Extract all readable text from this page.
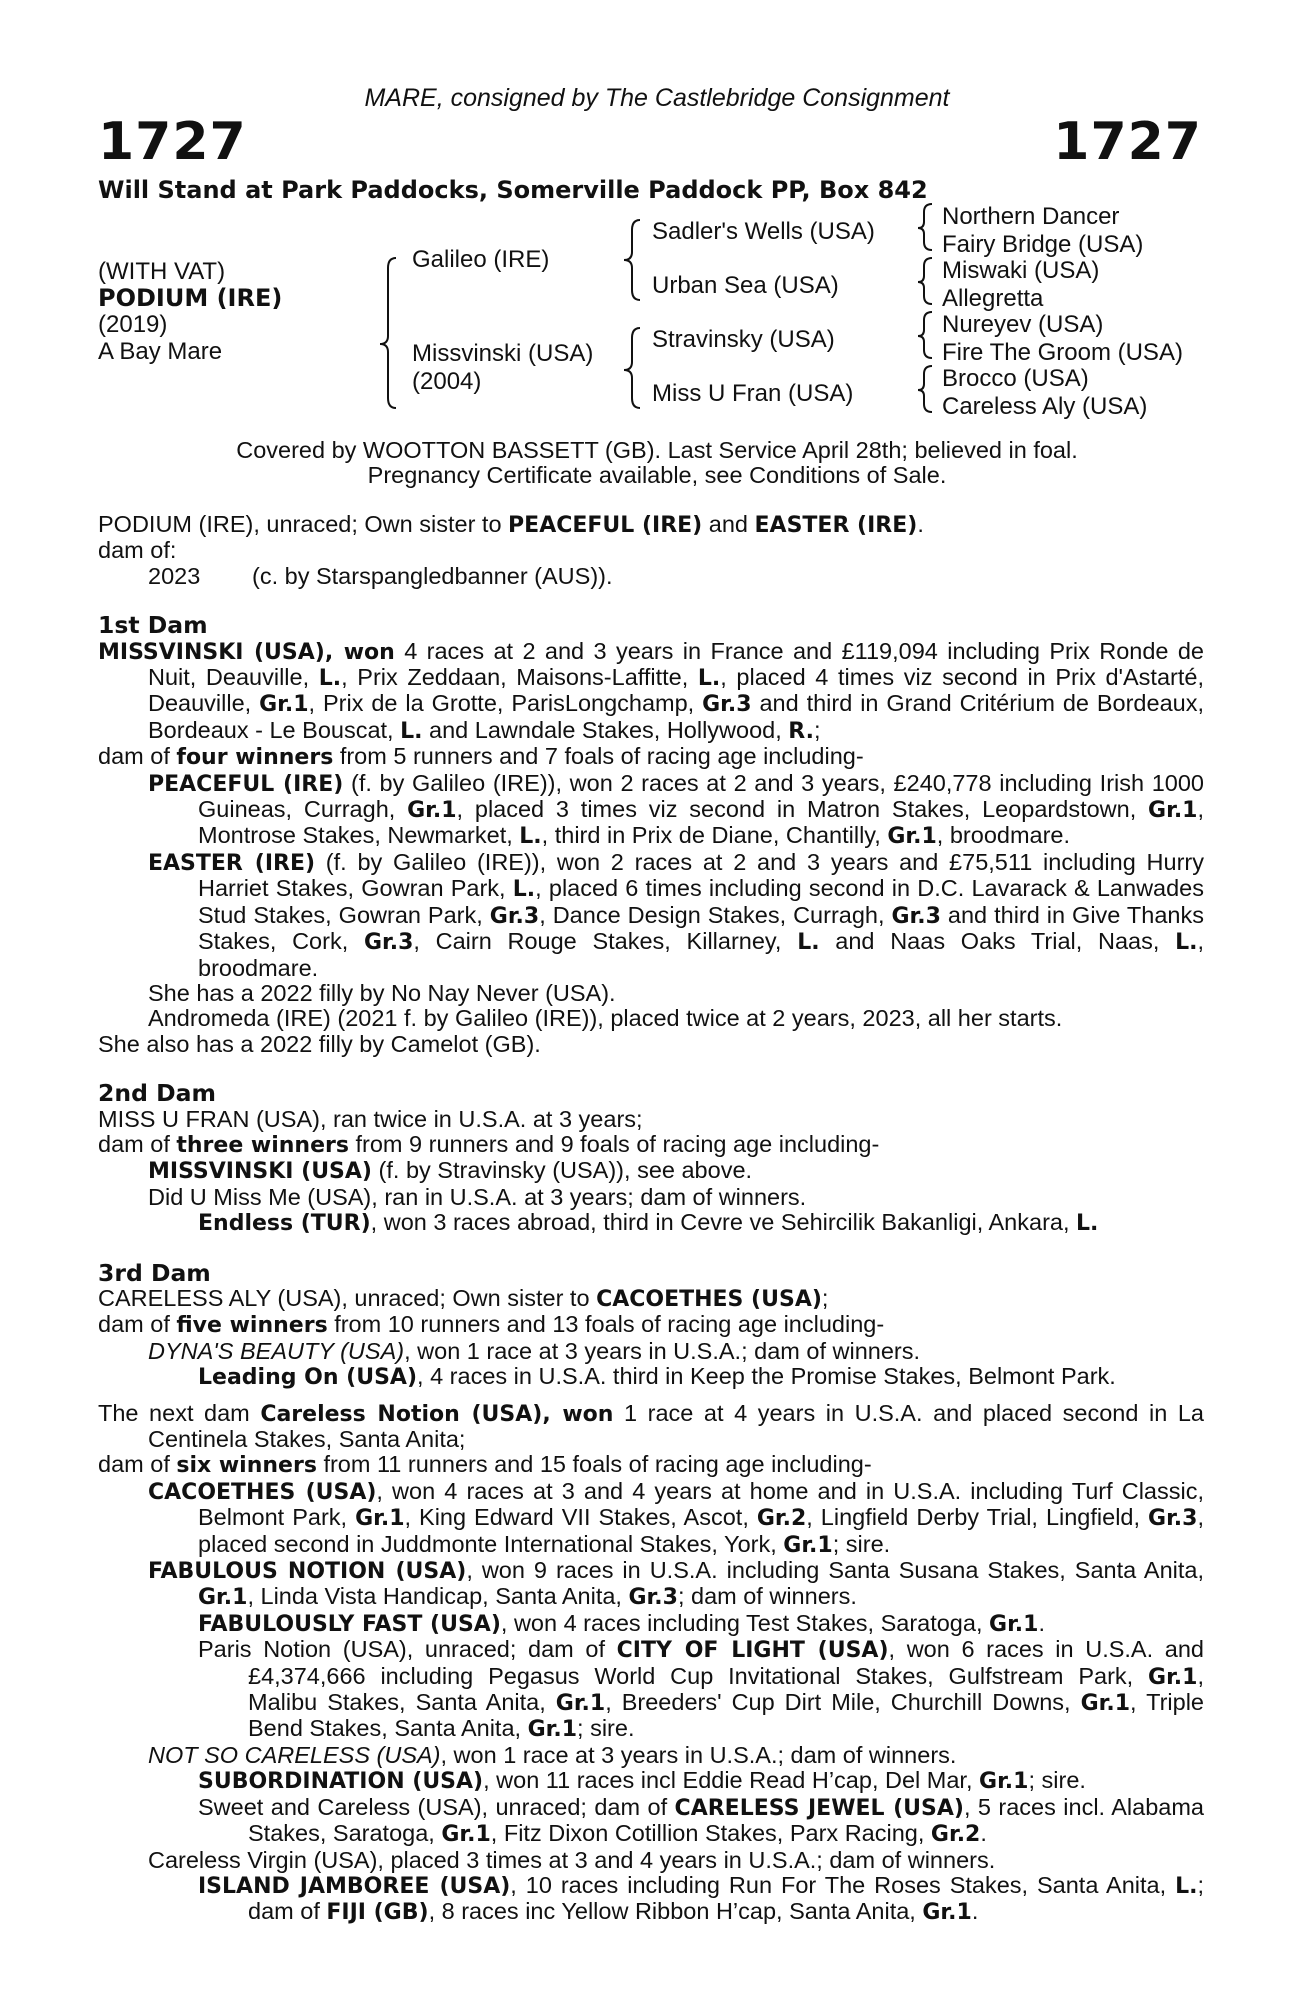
MARE, consigned by The Castlebridge Consignment
1727	1727
Will Stand at Park Paddocks, Somerville Paddock PP, Box 842
(WITH VAT)
PODIUM (IRE)
(2019)
A Bay Mare
Galileo (IRE)
Missvinski (USA)
(2004)
Sadler's Wells (USA)
Urban Sea (USA)
Stravinsky (USA)
Miss U Fran (USA)
Northern Dancer
Fairy Bridge (USA)
Miswaki (USA)
Allegretta
Nureyev (USA)
Fire The Groom (USA)
Brocco (USA)
Careless Aly (USA)
Covered by WOOTTON BASSETT (GB). Last Service April 28th; believed in foal.
Pregnancy Certificate available, see Conditions of Sale.

PODIUM (IRE), unraced; Own sister to PEACEFUL (IRE) and EASTER (IRE).

dam of:

2023 (c. by Starspangledbanner (AUS)).

1st Dam

MISSVINSKI (USA), won 4 races at 2 and 3 years in France and £119,094 including Prix Ronde de Nuit, Deauville, L., Prix Zeddaan, Maisons-Laffitte, L., placed 4 times viz second in Prix d'Astarté, Deauville, Gr.1, Prix de la Grotte, ParisLongchamp, Gr.3 and third in Grand Critérium de Bordeaux, Bordeaux - Le Bouscat, L. and Lawndale Stakes, Hollywood, R.;

dam of four winners from 5 runners and 7 foals of racing age including-

PEACEFUL (IRE) (f. by Galileo (IRE)), won 2 races at 2 and 3 years, £240,778 including Irish 1000 Guineas, Curragh, Gr.1, placed 3 times viz second in Matron Stakes, Leopardstown, Gr.1, Montrose Stakes, Newmarket, L., third in Prix de Diane, Chantilly, Gr.1, broodmare.

EASTER (IRE) (f. by Galileo (IRE)), won 2 races at 2 and 3 years and £75,511 including Hurry Harriet Stakes, Gowran Park, L., placed 6 times including second in D.C. Lavarack & Lanwades Stud Stakes, Gowran Park, Gr.3, Dance Design Stakes, Curragh, Gr.3 and third in Give Thanks Stakes, Cork, Gr.3, Cairn Rouge Stakes, Killarney, L. and Naas Oaks Trial, Naas, L., broodmare.

She has a 2022 filly by No Nay Never (USA).

Andromeda (IRE) (2021 f. by Galileo (IRE)), placed twice at 2 years, 2023, all her starts.

She also has a 2022 filly by Camelot (GB).

2nd Dam

MISS U FRAN (USA), ran twice in U.S.A. at 3 years;

dam of three winners from 9 runners and 9 foals of racing age including-

MISSVINSKI (USA) (f. by Stravinsky (USA)), see above.

Did U Miss Me (USA), ran in U.S.A. at 3 years; dam of winners.

Endless (TUR), won 3 races abroad, third in Cevre ve Sehircilik Bakanligi, Ankara, L.

3rd Dam

CARELESS ALY (USA), unraced; Own sister to CACOETHES (USA);

dam of five winners from 10 runners and 13 foals of racing age including-

DYNA'S BEAUTY (USA), won 1 race at 3 years in U.S.A.; dam of winners.

Leading On (USA), 4 races in U.S.A. third in Keep the Promise Stakes, Belmont Park.

The next dam Careless Notion (USA), won 1 race at 4 years in U.S.A. and placed second in La Centinela Stakes, Santa Anita;

dam of six winners from 11 runners and 15 foals of racing age including-

CACOETHES (USA), won 4 races at 3 and 4 years at home and in U.S.A. including Turf Classic, Belmont Park, Gr.1, King Edward VII Stakes, Ascot, Gr.2, Lingfield Derby Trial, Lingfield, Gr.3, placed second in Juddmonte International Stakes, York, Gr.1; sire.

FABULOUS NOTION (USA), won 9 races in U.S.A. including Santa Susana Stakes, Santa Anita, Gr.1, Linda Vista Handicap, Santa Anita, Gr.3; dam of winners.

FABULOUSLY FAST (USA), won 4 races including Test Stakes, Saratoga, Gr.1.

Paris Notion (USA), unraced; dam of CITY OF LIGHT (USA), won 6 races in U.S.A. and £4,374,666 including Pegasus World Cup Invitational Stakes, Gulfstream Park, Gr.1, Malibu Stakes, Santa Anita, Gr.1, Breeders' Cup Dirt Mile, Churchill Downs, Gr.1, Triple Bend Stakes, Santa Anita, Gr.1; sire.

NOT SO CARELESS (USA), won 1 race at 3 years in U.S.A.; dam of winners.

SUBORDINATION (USA), won 11 races incl Eddie Read H’cap, Del Mar, Gr.1; sire.

Sweet and Careless (USA), unraced; dam of CARELESS JEWEL (USA), 5 races incl. Alabama Stakes, Saratoga, Gr.1, Fitz Dixon Cotillion Stakes, Parx Racing, Gr.2.

Careless Virgin (USA), placed 3 times at 3 and 4 years in U.S.A.; dam of winners.

ISLAND JAMBOREE (USA), 10 races including Run For The Roses Stakes, Santa Anita, L.; dam of FIJI (GB), 8 races inc Yellow Ribbon H’cap, Santa Anita, Gr.1.
